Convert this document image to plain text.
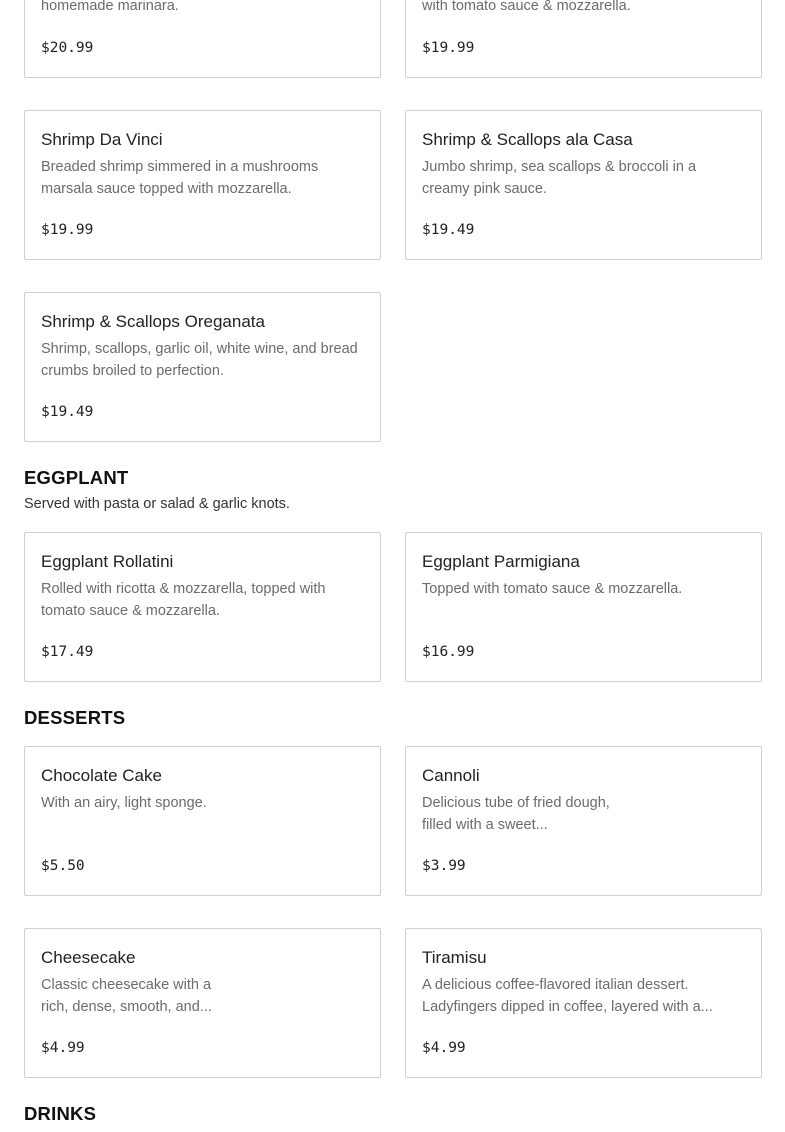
homemade marinara.
$20.99
with tomato sauce & mozzarella.
$19.99
Shrimp Da Vinci
Breaded shrimp simmered in a mushrooms marsala sauce topped with mozzarella.
$19.99
Shrimp & Scallops ala Casa
Jumbo shrimp, sea scallops & broccoli in a creamy pink sauce.
$19.49
Shrimp & Scallops Oreganata
Shrimp, scallops, garlic oil, white wine, and bread crumbs broiled to perfection.
$19.49
EGGPLANT

Served with pasta or salad & garlic knots.

Eggplant Rollatini
Rolled with ricotta & mozzarella, topped with tomato sauce & mozzarella.
$17.49
Eggplant Parmigiana
Topped with tomato sauce & mozzarella.
$16.99
DESSERTS
Chocolate Cake
With an airy, light sponge.
$5.50
Cannoli
Delicious tube of fried dough, filled with a sweet...
$3.99
Cheesecake
Classic cheesecake with a rich, dense, smooth, and...
$4.99
Tiramisu
A delicious coffee-flavored italian dessert. Ladyfingers dipped in coffee, layered with a...
$4.99
DRINKS
